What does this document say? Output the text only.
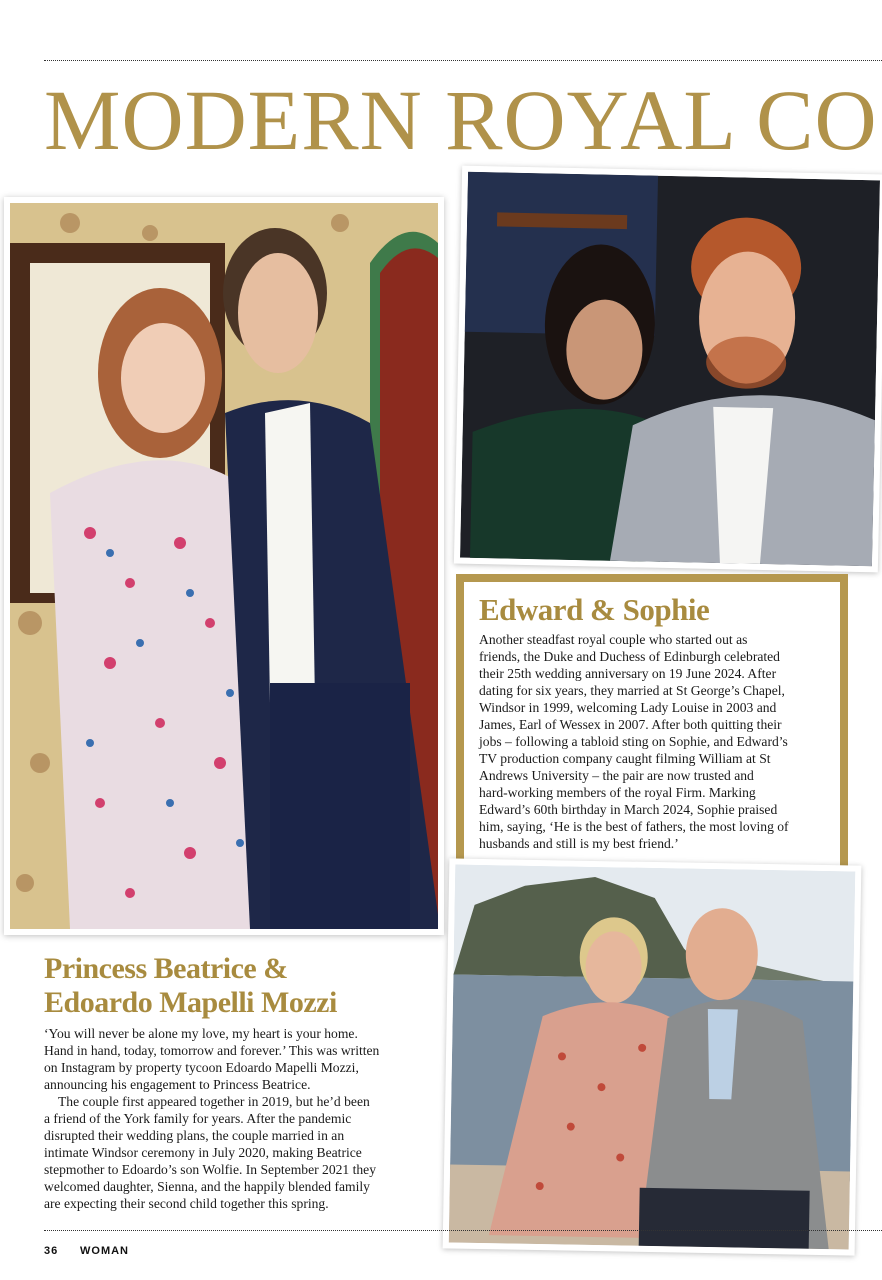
MODERN ROYAL CO
Edward & Sophie
Another steadfast royal couple who started out as
friends, the Duke and Duchess of Edinburgh celebrated
their 25th wedding anniversary on 19 June 2024. After
dating for six years, they married at St George’s Chapel,
Windsor in 1999, welcoming Lady Louise in 2003 and
James, Earl of Wessex in 2007. After both quitting their
jobs – following a tabloid sting on Sophie, and Edward’s
TV production company caught filming William at St
Andrews University – the pair are now trusted and
hard-working members of the royal Firm. Marking
Edward’s 60th birthday in March 2024, Sophie praised
him, saying, ‘He is the best of fathers, the most loving of
husbands and still is my best friend.’
Princess Beatrice &
Edoardo Mapelli Mozzi
‘You will never be alone my love, my heart is your home.
Hand in hand, today, tomorrow and forever.’ This was written
on Instagram by property tycoon Edoardo Mapelli Mozzi,
announcing his engagement to Princess Beatrice.
The couple first appeared together in 2019, but he’d been
a friend of the York family for years. After the pandemic
disrupted their wedding plans, the couple married in an
intimate Windsor ceremony in July 2020, making Beatrice
stepmother to Edoardo’s son Wolfie. In September 2021 they
welcomed daughter, Sienna, and the happily blended family
are expecting their second child together this spring.
36 WOMAN
